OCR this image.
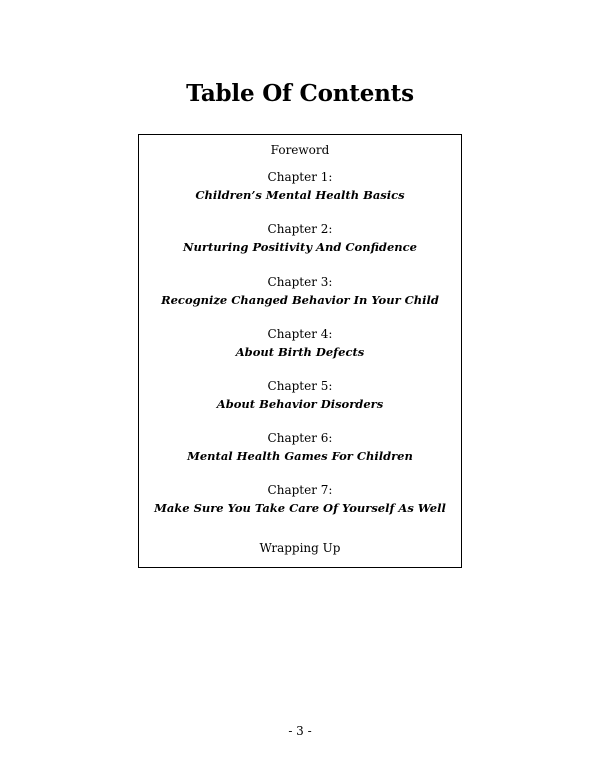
Table Of Contents
Foreword
Chapter 1:
Children’s Mental Health Basics
Chapter 2:
Nurturing Positivity And Confidence
Chapter 3:
Recognize Changed Behavior In Your Child
Chapter 4:
About Birth Defects
Chapter 5:
About Behavior Disorders
Chapter 6:
Mental Health Games For Children
Chapter 7:
Make Sure You Take Care Of Yourself As Well
Wrapping Up
- 3 -
